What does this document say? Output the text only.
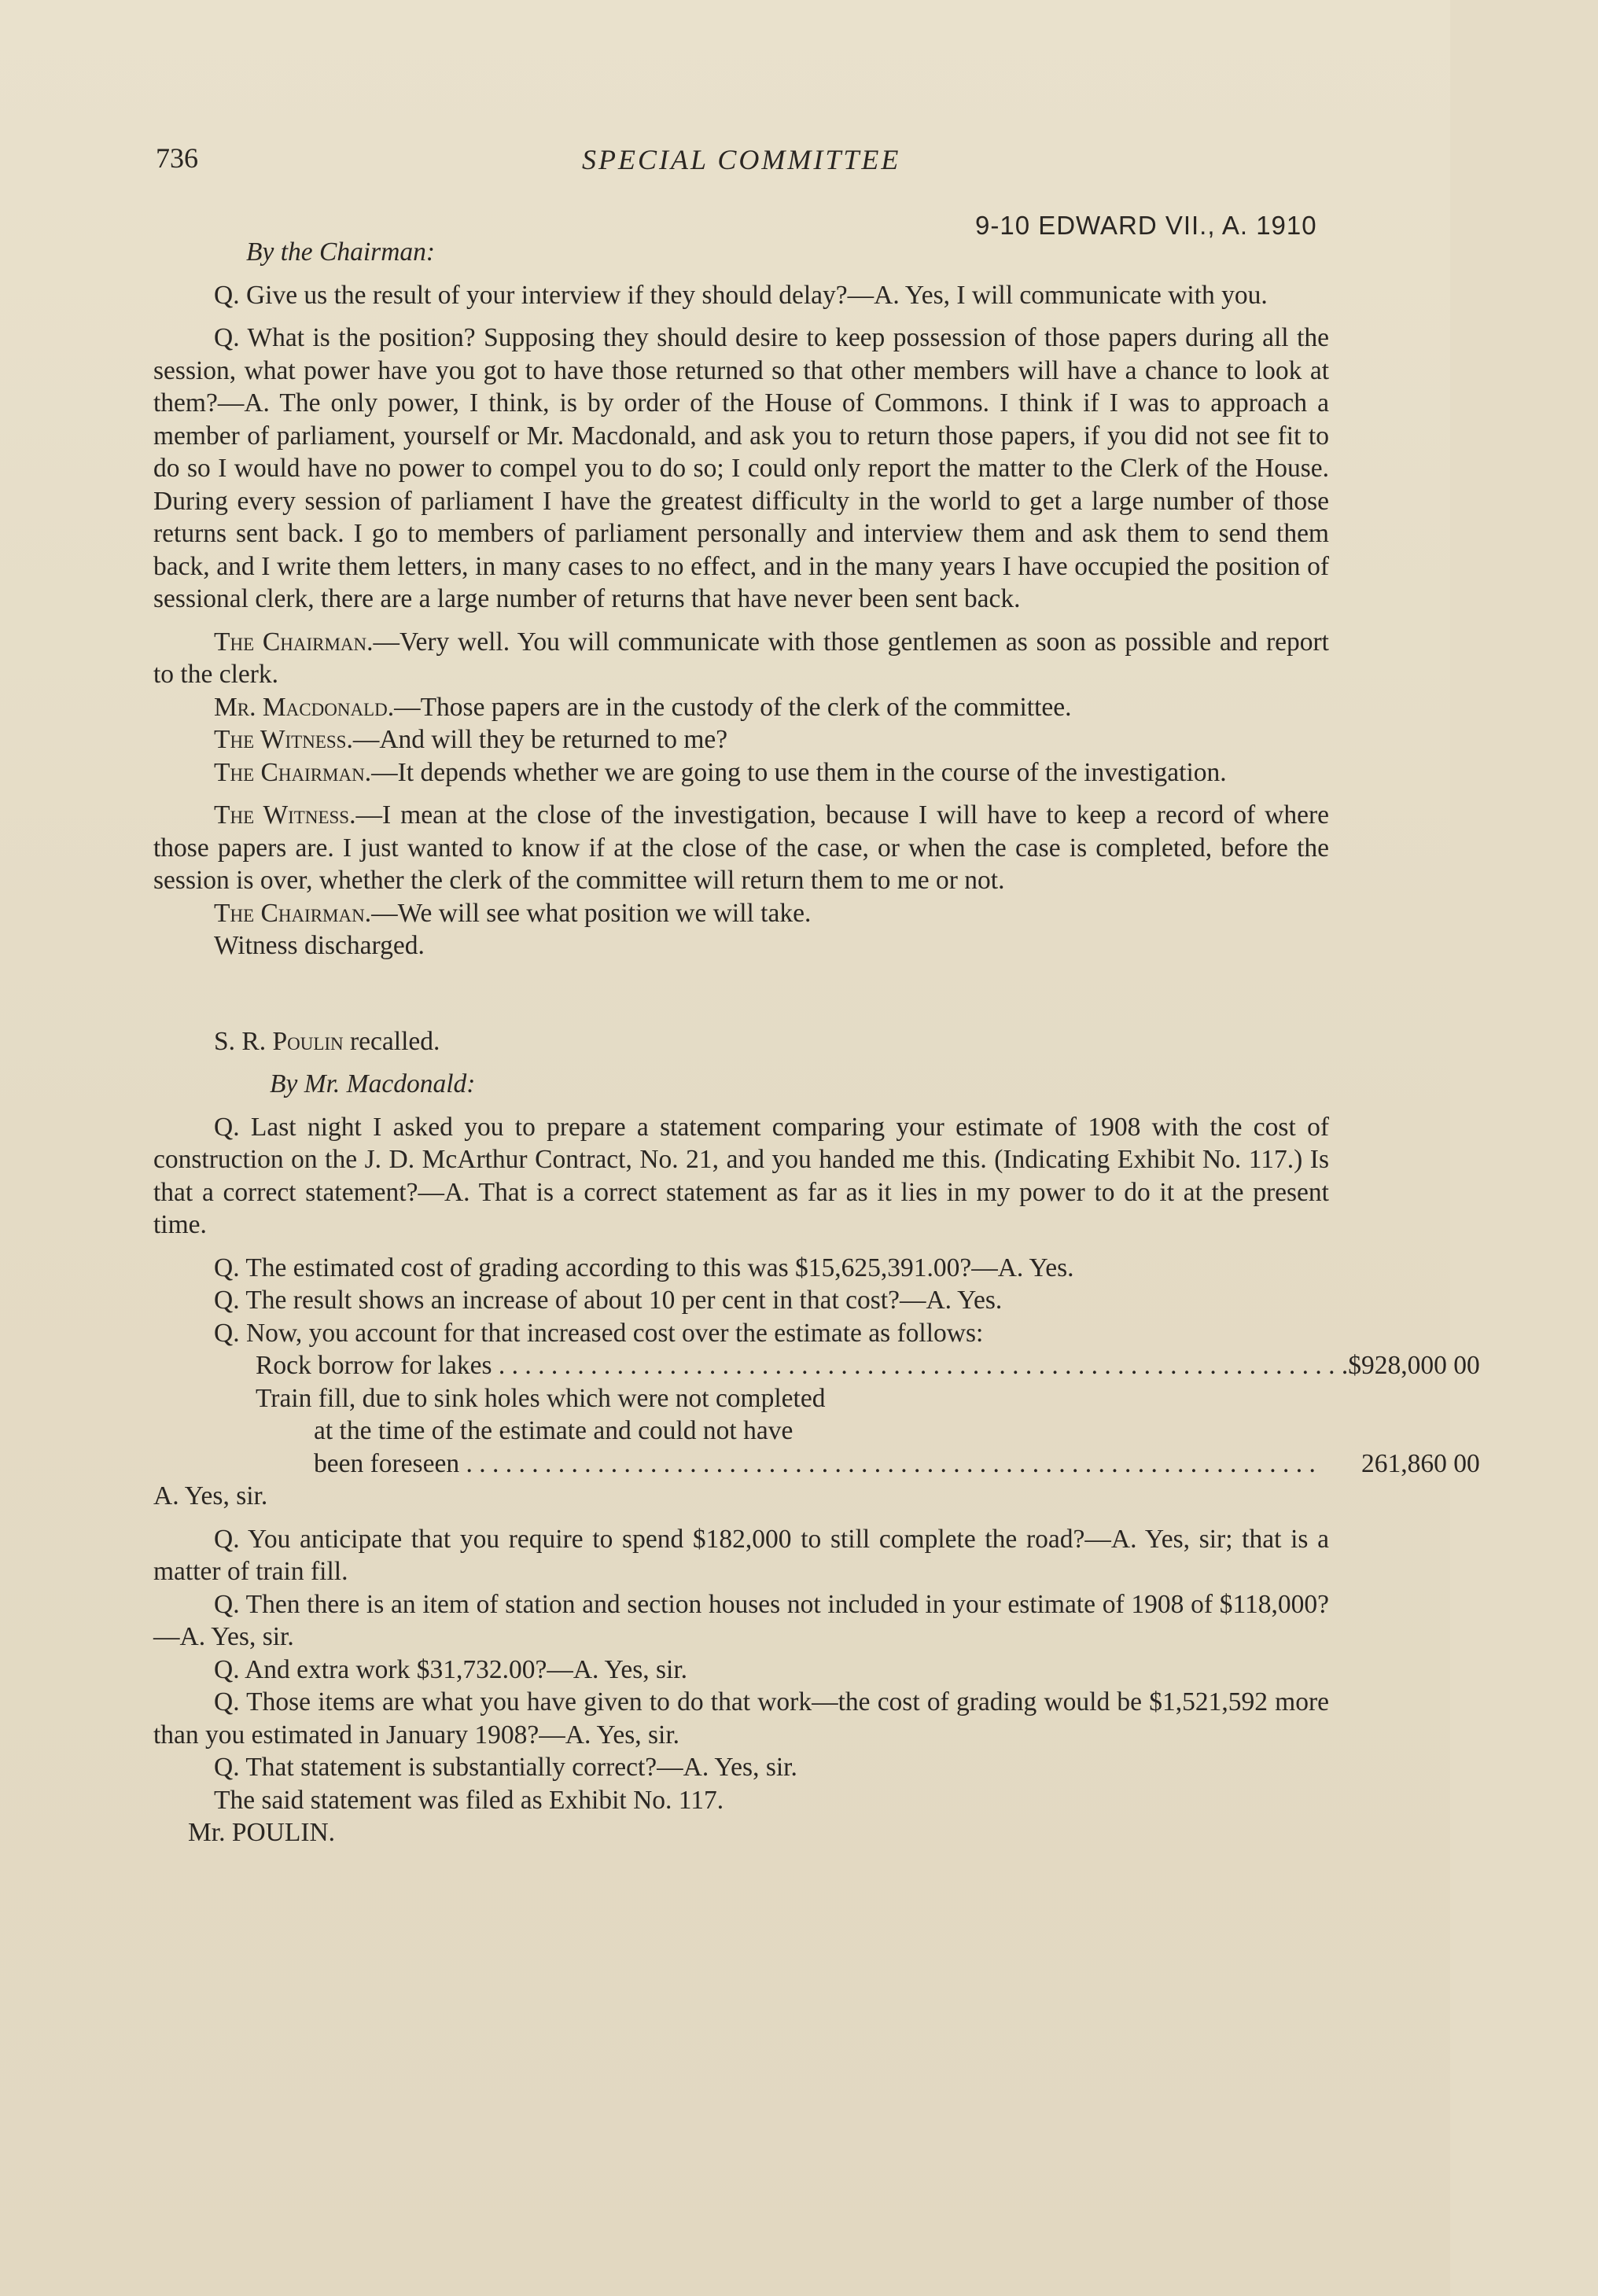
736	SPECIAL COMMITTEE
9-10 EDWARD VII., A. 1910

By the Chairman:

Q. Give us the result of your interview if they should delay?—A. Yes, I will communicate with you.

Q. What is the position? Supposing they should desire to keep possession of those papers during all the session, what power have you got to have those returned so that other members will have a chance to look at them?—A. The only power, I think, is by order of the House of Commons. I think if I was to approach a member of parliament, yourself or Mr. Macdonald, and ask you to return those papers, if you did not see fit to do so I would have no power to compel you to do so; I could only report the matter to the Clerk of the House. During every session of parliament I have the greatest difficulty in the world to get a large number of those returns sent back. I go to members of parliament personally and interview them and ask them to send them back, and I write them letters, in many cases to no effect, and in the many years I have occupied the position of sessional clerk, there are a large number of returns that have never been sent back.

The Chairman.—Very well. You will communicate with those gentlemen as soon as possible and report to the clerk.

Mr. Macdonald.—Those papers are in the custody of the clerk of the committee.

The Witness.—And will they be returned to me?

The Chairman.—It depends whether we are going to use them in the course of the investigation.

The Witness.—I mean at the close of the investigation, because I will have to keep a record of where those papers are. I just wanted to know if at the close of the case, or when the case is completed, before the session is over, whether the clerk of the committee will return them to me or not.

The Chairman.—We will see what position we will take.

Witness discharged.

S. R. Poulin recalled.

By Mr. Macdonald:

Q. Last night I asked you to prepare a statement comparing your estimate of 1908 with the cost of construction on the J. D. McArthur Contract, No. 21, and you handed me this. (Indicating Exhibit No. 117.) Is that a correct statement?—A. That is a correct statement as far as it lies in my power to do it at the present time.

Q. The estimated cost of grading according to this was $15,625,391.00?—A. Yes.

Q. The result shows an increase of about 10 per cent in that cost?—A. Yes.

Q. Now, you account for that increased cost over the estimate as follows:

Rock borrow for lakes . . .	$928,000 00

Train fill, due to sink holes which were not completed
at the time of the estimate and could not have
been foreseen . . .	261,860 00

A. Yes, sir.

Q. You anticipate that you require to spend $182,000 to still complete the road?—A. Yes, sir; that is a matter of train fill.

Q. Then there is an item of station and section houses not included in your estimate of 1908 of $118,000?—A. Yes, sir.

Q. And extra work $31,732.00?—A. Yes, sir.

Q. Those items are what you have given to do that work—the cost of grading would be $1,521,592 more than you estimated in January 1908?—A. Yes, sir.

Q. That statement is substantially correct?—A. Yes, sir.

The said statement was filed as Exhibit No. 117.

Mr. POULIN.
